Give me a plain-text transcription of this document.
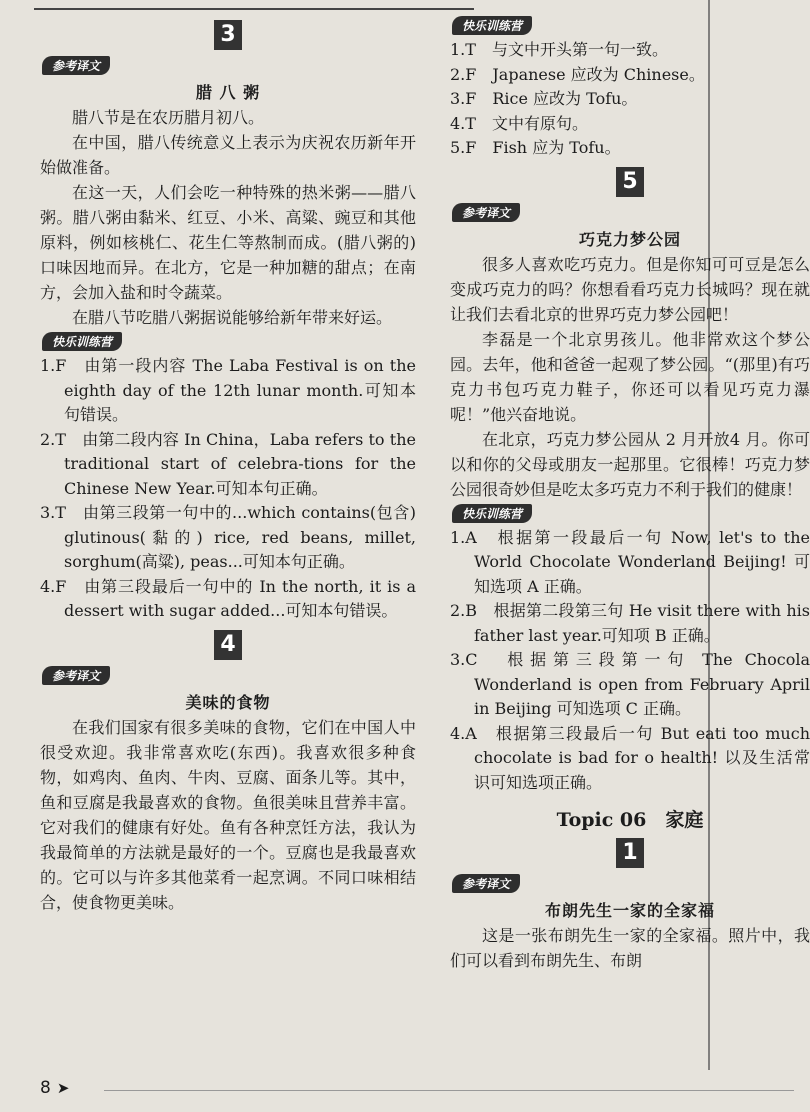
3
参考译文
腊 八 粥

腊八节是在农历腊月初八。

在中国，腊八传统意义上表示为庆祝农历新年开始做准备。

在这一天，人们会吃一种特殊的热米粥——腊八粥。腊八粥由黏米、红豆、小米、高粱、豌豆和其他原料，例如核桃仁、花生仁等熬制而成。(腊八粥的)口味因地而异。在北方，它是一种加糖的甜点；在南方，会加入盐和时令蔬菜。

在腊八节吃腊八粥据说能够给新年带来好运。

快乐训练营
1.F　由第一段内容 The Laba Festival is on the eighth day of the 12th lunar month.可知本句错误。
2.T　由第二段内容 In China，Laba refers to the traditional start of celebra-tions for the Chinese New Year.可知本句正确。
3.T　由第三段第一句中的...which contains(包含) glutinous(黏的) rice, red beans, millet, sorghum(高粱), peas...可知本句正确。
4.F　由第三段最后一句中的 In the north, it is a dessert with sugar added...可知本句错误。
4
参考译文
美味的食物

在我们国家有很多美味的食物，它们在中国人中很受欢迎。我非常喜欢吃(东西)。我喜欢很多种食物，如鸡肉、鱼肉、牛肉、豆腐、面条儿等。其中，鱼和豆腐是我最喜欢的食物。鱼很美味且营养丰富。它对我们的健康有好处。鱼有各种烹饪方法，我认为我最简单的方法就是最好的一个。豆腐也是我最喜欢的。它可以与许多其他菜肴一起烹调。不同口味相结合，使食物更美味。

快乐训练营
1.T　与文中开头第一句一致。
2.F　Japanese 应改为 Chinese。
3.F　Rice 应改为 Tofu。
4.T　文中有原句。
5.F　Fish 应为 Tofu。
5
参考译文
巧克力梦公园

很多人喜欢吃巧克力。但是你知可可豆是怎么变成巧克力的吗？你想看看巧克力长城吗？现在就让我们去看北京的世界巧克力梦公园吧！

李磊是一个北京男孩儿。他非常欢这个梦公园。去年，他和爸爸一起观了梦公园。“(那里)有巧克力书包巧克力鞋子，你还可以看见巧克力瀑呢！”他兴奋地说。

在北京，巧克力梦公园从 2 月开放4 月。你可以和你的父母或朋友一起那里。它很棒！巧克力梦公园很奇妙但是吃太多巧克力不利于我们的健康！

快乐训练营
1.A　根据第一段最后一句 Now, let's to the World Chocolate Wonderland Beijing! 可知选项 A 正确。
2.B　根据第二段第三句 He visit there with his father last year.可知项 B 正确。
3.C　根据第三段第一句 The Chocola Wonderland is open from February April in Beijing 可知选项 C 正确。
4.A　根据第三段最后一句 But eati too much chocolate is bad for o health! 以及生活常识可知选项正确。
Topic 06　家庭
1
参考译文
布朗先生一家的全家福

这是一张布朗先生一家的全家福。照片中，我们可以看到布朗先生、布朗

8 ➤
